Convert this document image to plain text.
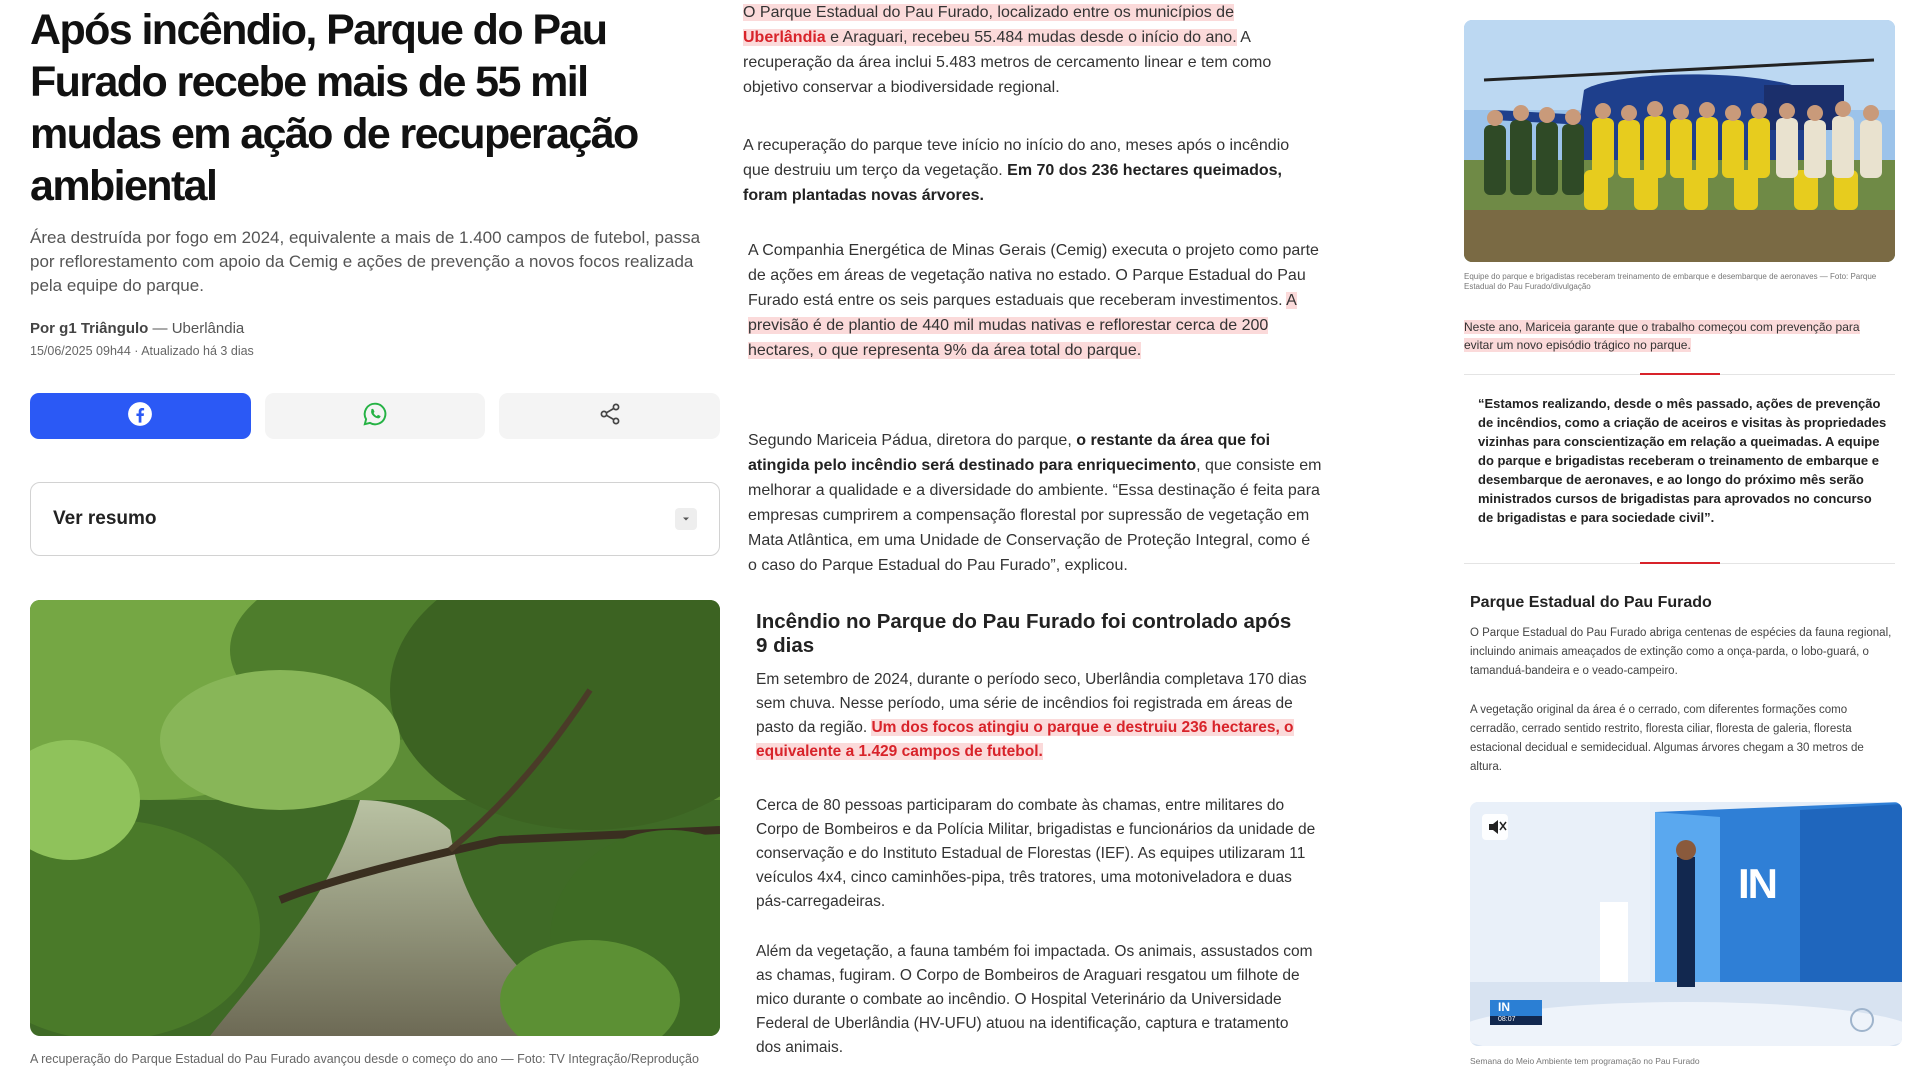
Após incêndio, Parque do Pau Furado recebe mais de 55 mil mudas em ação de recuperação ambiental

Área destruída por fogo em 2024, equivalente a mais de 1.400 campos de futebol, passa por reflorestamento com apoio da Cemig e ações de prevenção a novos focos realizada pela equipe do parque.

Por g1 Triângulo — Uberlândia

15/06/2025 09h44 · Atualizado há 3 dias

Ver resumo

A recuperação do Parque Estadual do Pau Furado avançou desde o começo do ano — Foto: TV Integração/Reprodução

O Parque Estadual do Pau Furado, localizado entre os municípios de Uberlândia e Araguari, recebeu 55.484 mudas desde o início do ano. A recuperação da área inclui 5.483 metros de cercamento linear e tem como objetivo conservar a biodiversidade regional.

A recuperação do parque teve início no início do ano, meses após o incêndio que destruiu um terço da vegetação. Em 70 dos 236 hectares queimados, foram plantadas novas árvores.

A Companhia Energética de Minas Gerais (Cemig) executa o projeto como parte de ações em áreas de vegetação nativa no estado. O Parque Estadual do Pau Furado está entre os seis parques estaduais que receberam investimentos. A previsão é de plantio de 440 mil mudas nativas e reflorestar cerca de 200 hectares, o que representa 9% da área total do parque.

Segundo Mariceia Pádua, diretora do parque, o restante da área que foi atingida pelo incêndio será destinado para enriquecimento, que consiste em melhorar a qualidade e a diversidade do ambiente. “Essa destinação é feita para empresas cumprirem a compensação florestal por supressão de vegetação em Mata Atlântica, em uma Unidade de Conservação de Proteção Integral, como é o caso do Parque Estadual do Pau Furado”, explicou.

Incêndio no Parque do Pau Furado foi controlado após 9 dias

Em setembro de 2024, durante o período seco, Uberlândia completava 170 dias sem chuva. Nesse período, uma série de incêndios foi registrada em áreas de pasto da região. Um dos focos atingiu o parque e destruiu 236 hectares, o equivalente a 1.429 campos de futebol.

Cerca de 80 pessoas participaram do combate às chamas, entre militares do Corpo de Bombeiros e da Polícia Militar, brigadistas e funcionários da unidade de conservação e do Instituto Estadual de Florestas (IEF). As equipes utilizaram 11 veículos 4x4, cinco caminhões-pipa, três tratores, uma motoniveladora e duas pás-carregadeiras.

Além da vegetação, a fauna também foi impactada. Os animais, assustados com as chamas, fugiram. O Corpo de Bombeiros de Araguari resgatou um filhote de mico durante o combate ao incêndio. O Hospital Veterinário da Universidade Federal de Uberlândia (HV-UFU) atuou na identificação, captura e tratamento dos animais.

Equipe do parque e brigadistas receberam treinamento de embarque e desembarque de aeronaves — Foto: Parque Estadual do Pau Furado/divulgação

Neste ano, Mariceia garante que o trabalho começou com prevenção para evitar um novo episódio trágico no parque.

“Estamos realizando, desde o mês passado, ações de prevenção de incêndios, como a criação de aceiros e visitas às propriedades vizinhas para conscientização em relação a queimadas. A equipe do parque e brigadistas receberam o treinamento de embarque e desembarque de aeronaves, e ao longo do próximo mês serão ministrados cursos de brigadistas para aprovados no concurso de brigadistas e para sociedade civil”.

Parque Estadual do Pau Furado

O Parque Estadual do Pau Furado abriga centenas de espécies da fauna regional, incluindo animais ameaçados de extinção como a onça-parda, o lobo-guará, o tamanduá-bandeira e o veado-campeiro.

A vegetação original da área é o cerrado, com diferentes formações como cerradão, cerrado sentido restrito, floresta ciliar, floresta de galeria, floresta estacional decidual e semidecidual. Algumas árvores chegam a 30 metros de altura.

IN
IN
08:07

Semana do Meio Ambiente tem programação no Pau Furado
